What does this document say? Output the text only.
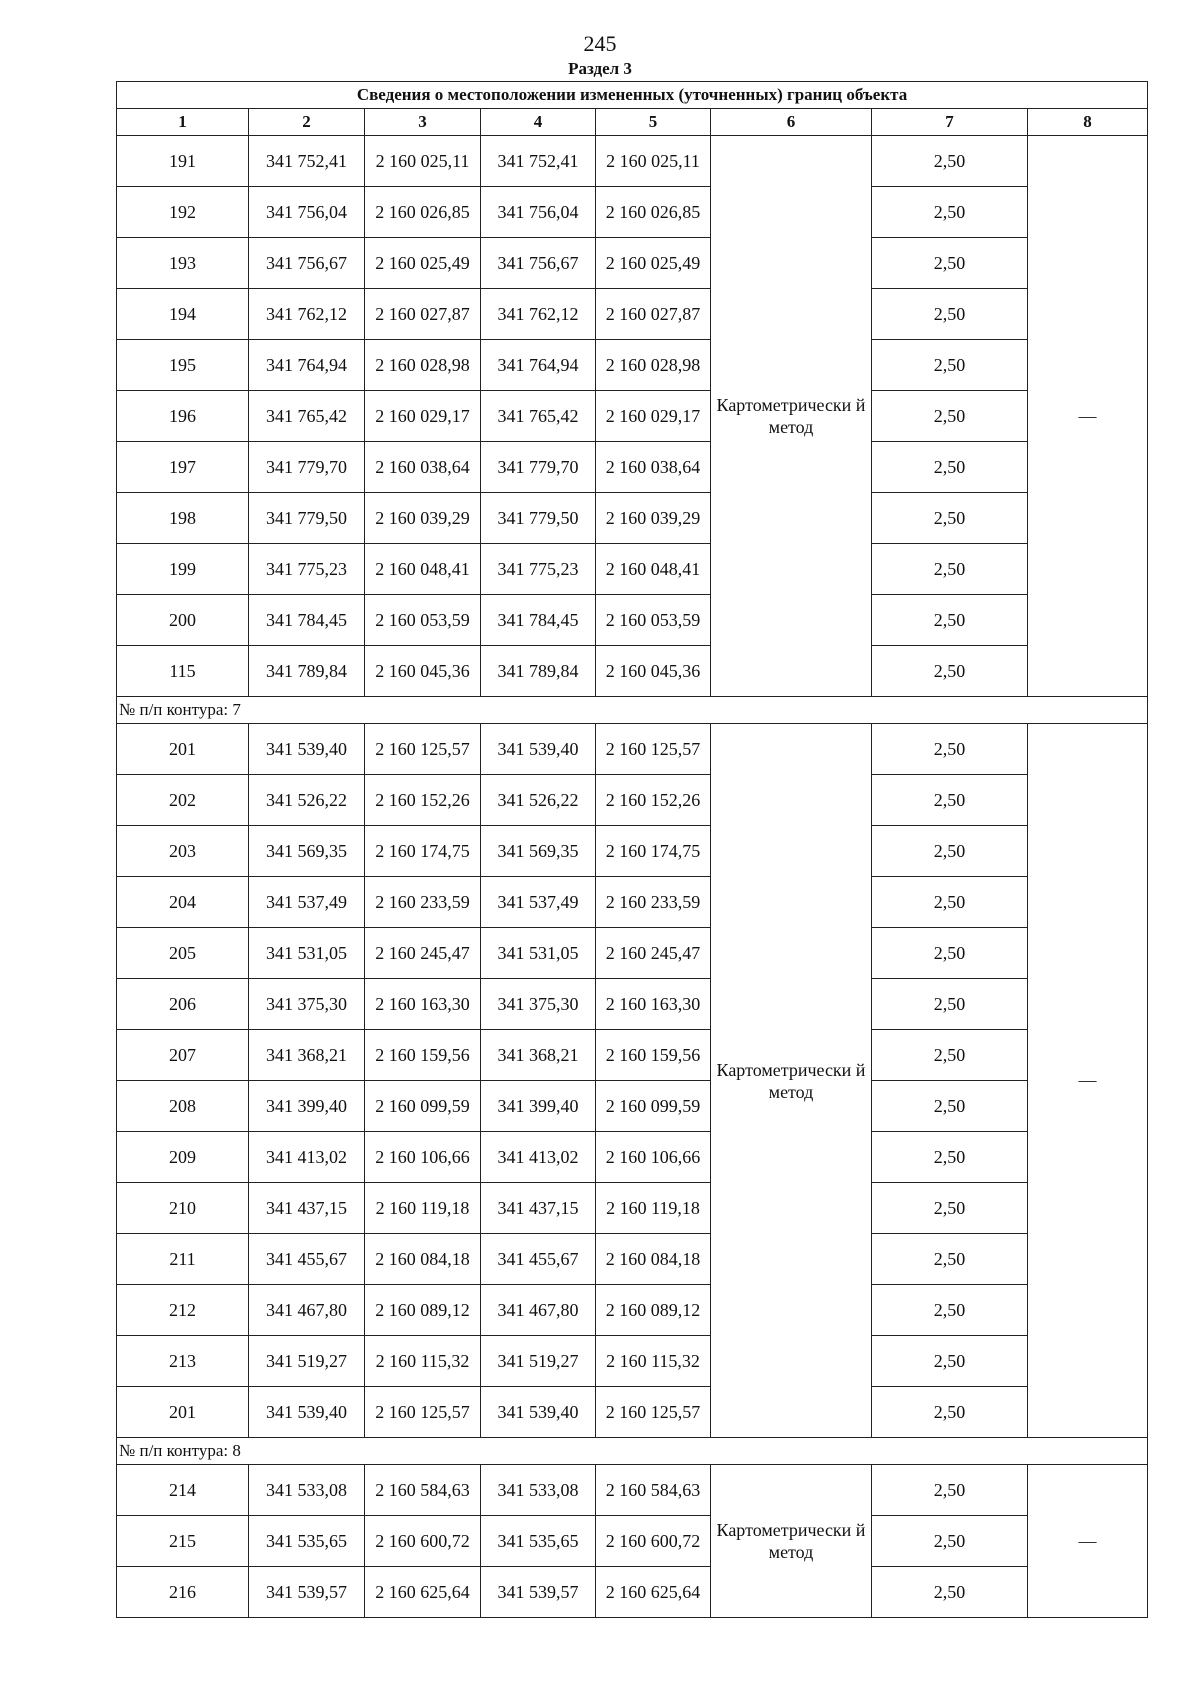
245
Раздел 3
Сведения о местоположении измененных (уточненных) границ объекта							
1	2	3	4	5	6	7	8
191	341 752,41	2 160 025,11	341 752,41	2 160 025,11	Картометрически й метод	2,50	—
192	341 756,04	2 160 026,85	341 756,04	2 160 026,85		2,50	
193	341 756,67	2 160 025,49	341 756,67	2 160 025,49		2,50	
194	341 762,12	2 160 027,87	341 762,12	2 160 027,87		2,50	
195	341 764,94	2 160 028,98	341 764,94	2 160 028,98		2,50	
196	341 765,42	2 160 029,17	341 765,42	2 160 029,17		2,50	
197	341 779,70	2 160 038,64	341 779,70	2 160 038,64		2,50	
198	341 779,50	2 160 039,29	341 779,50	2 160 039,29		2,50	
199	341 775,23	2 160 048,41	341 775,23	2 160 048,41		2,50	
200	341 784,45	2 160 053,59	341 784,45	2 160 053,59		2,50	
115	341 789,84	2 160 045,36	341 789,84	2 160 045,36		2,50	
№ п/п контура: 7							
201	341 539,40	2 160 125,57	341 539,40	2 160 125,57	Картометрически й метод	2,50	—
202	341 526,22	2 160 152,26	341 526,22	2 160 152,26		2,50	
203	341 569,35	2 160 174,75	341 569,35	2 160 174,75		2,50	
204	341 537,49	2 160 233,59	341 537,49	2 160 233,59		2,50	
205	341 531,05	2 160 245,47	341 531,05	2 160 245,47		2,50	
206	341 375,30	2 160 163,30	341 375,30	2 160 163,30		2,50	
207	341 368,21	2 160 159,56	341 368,21	2 160 159,56		2,50	
208	341 399,40	2 160 099,59	341 399,40	2 160 099,59		2,50	
209	341 413,02	2 160 106,66	341 413,02	2 160 106,66		2,50	
210	341 437,15	2 160 119,18	341 437,15	2 160 119,18		2,50	
211	341 455,67	2 160 084,18	341 455,67	2 160 084,18		2,50	
212	341 467,80	2 160 089,12	341 467,80	2 160 089,12		2,50	
213	341 519,27	2 160 115,32	341 519,27	2 160 115,32		2,50	
201	341 539,40	2 160 125,57	341 539,40	2 160 125,57		2,50	
№ п/п контура: 8							
214	341 533,08	2 160 584,63	341 533,08	2 160 584,63	Картометрически й метод	2,50	—
215	341 535,65	2 160 600,72	341 535,65	2 160 600,72		2,50	
216	341 539,57	2 160 625,64	341 539,57	2 160 625,64		2,50	
